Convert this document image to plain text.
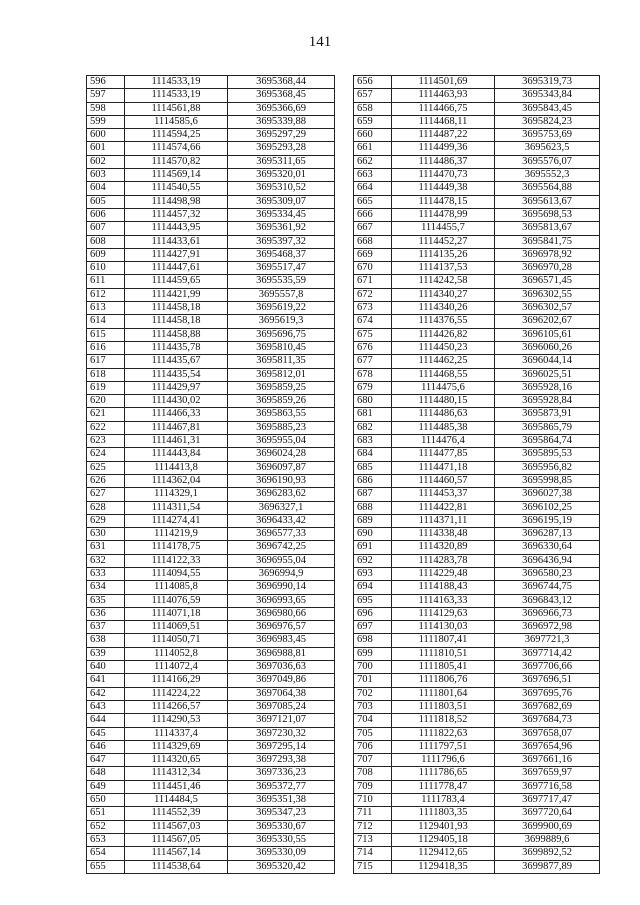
141
596	1114533,19	3695368,44
597	1114533,19	3695368,45
598	1114561,88	3695366,69
599	1114585,6	3695339,88
600	1114594,25	3695297,29
601	1114574,66	3695293,28
602	1114570,82	3695311,65
603	1114569,14	3695320,01
604	1114540,55	3695310,52
605	1114498,98	3695309,07
606	1114457,32	3695334,45
607	1114443,95	3695361,92
608	1114433,61	3695397,32
609	1114427,91	3695468,37
610	1114447,61	3695517,47
611	1114459,65	3695535,59
612	1114421,99	3695557,8
613	1114458,18	3695619,22
614	1114458,18	3695619,3
615	1114458,88	3695696,75
616	1114435,78	3695810,45
617	1114435,67	3695811,35
618	1114435,54	3695812,01
619	1114429,97	3695859,25
620	1114430,02	3695859,26
621	1114466,33	3695863,55
622	1114467,81	3695885,23
623	1114461,31	3695955,04
624	1114443,84	3696024,28
625	1114413,8	3696097,87
626	1114362,04	3696190,93
627	1114329,1	3696283,62
628	1114311,54	3696327,1
629	1114274,41	3696433,42
630	1114219,9	3696577,33
631	1114178,75	3696742,25
632	1114122,33	3696955,04
633	1114094,55	3696994,9
634	1114085,8	3696990,14
635	1114076,59	3696993,65
636	1114071,18	3696980,66
637	1114069,51	3696976,57
638	1114050,71	3696983,45
639	1114052,8	3696988,81
640	1114072,4	3697036,63
641	1114166,29	3697049,86
642	1114224,22	3697064,38
643	1114266,57	3697085,24
644	1114290,53	3697121,07
645	1114337,4	3697230,32
646	1114329,69	3697295,14
647	1114320,65	3697293,38
648	1114312,34	3697336,23
649	1114451,46	3695372,77
650	1114484,5	3695351,38
651	1114552,39	3695347,23
652	1114567,03	3695330,67
653	1114567,05	3695330,55
654	1114567,14	3695330,09
655	1114538,64	3695320,42
656	1114501,69	3695319,73
657	1114463,93	3695343,84
658	1114466,75	3695843,45
659	1114468,11	3695824,23
660	1114487,22	3695753,69
661	1114499,36	3695623,5
662	1114486,37	3695576,07
663	1114470,73	3695552,3
664	1114449,38	3695564,88
665	1114478,15	3695613,67
666	1114478,99	3695698,53
667	1114455,7	3695813,67
668	1114452,27	3695841,75
669	1114135,26	3696978,92
670	1114137,53	3696970,28
671	1114242,58	3696571,45
672	1114340,27	3696302,55
673	1114340,26	3696302,57
674	1114376,55	3696202,67
675	1114426,82	3696105,61
676	1114450,23	3696060,26
677	1114462,25	3696044,14
678	1114468,55	3696025,51
679	1114475,6	3695928,16
680	1114480,15	3695928,84
681	1114486,63	3695873,91
682	1114485,38	3695865,79
683	1114476,4	3695864,74
684	1114477,85	3695895,53
685	1114471,18	3695956,82
686	1114460,57	3695998,85
687	1114453,37	3696027,38
688	1114422,81	3696102,25
689	1114371,11	3696195,19
690	1114338,48	3696287,13
691	1114320,89	3696330,64
692	1114283,78	3696436,94
693	1114229,48	3696580,23
694	1114188,43	3696744,75
695	1114163,33	3696843,12
696	1114129,63	3696966,73
697	1114130,03	3696972,98
698	1111807,41	3697721,3
699	1111810,51	3697714,42
700	1111805,41	3697706,66
701	1111806,76	3697696,51
702	1111801,64	3697695,76
703	1111803,51	3697682,69
704	1111818,52	3697684,73
705	1111822,63	3697658,07
706	1111797,51	3697654,96
707	1111796,6	3697661,16
708	1111786,65	3697659,97
709	1111778,47	3697716,58
710	1111783,4	3697717,47
711	1111803,35	3697720,64
712	1129401,93	3699900,69
713	1129405,18	3699889,6
714	1129412,65	3699892,52
715	1129418,35	3699877,89
